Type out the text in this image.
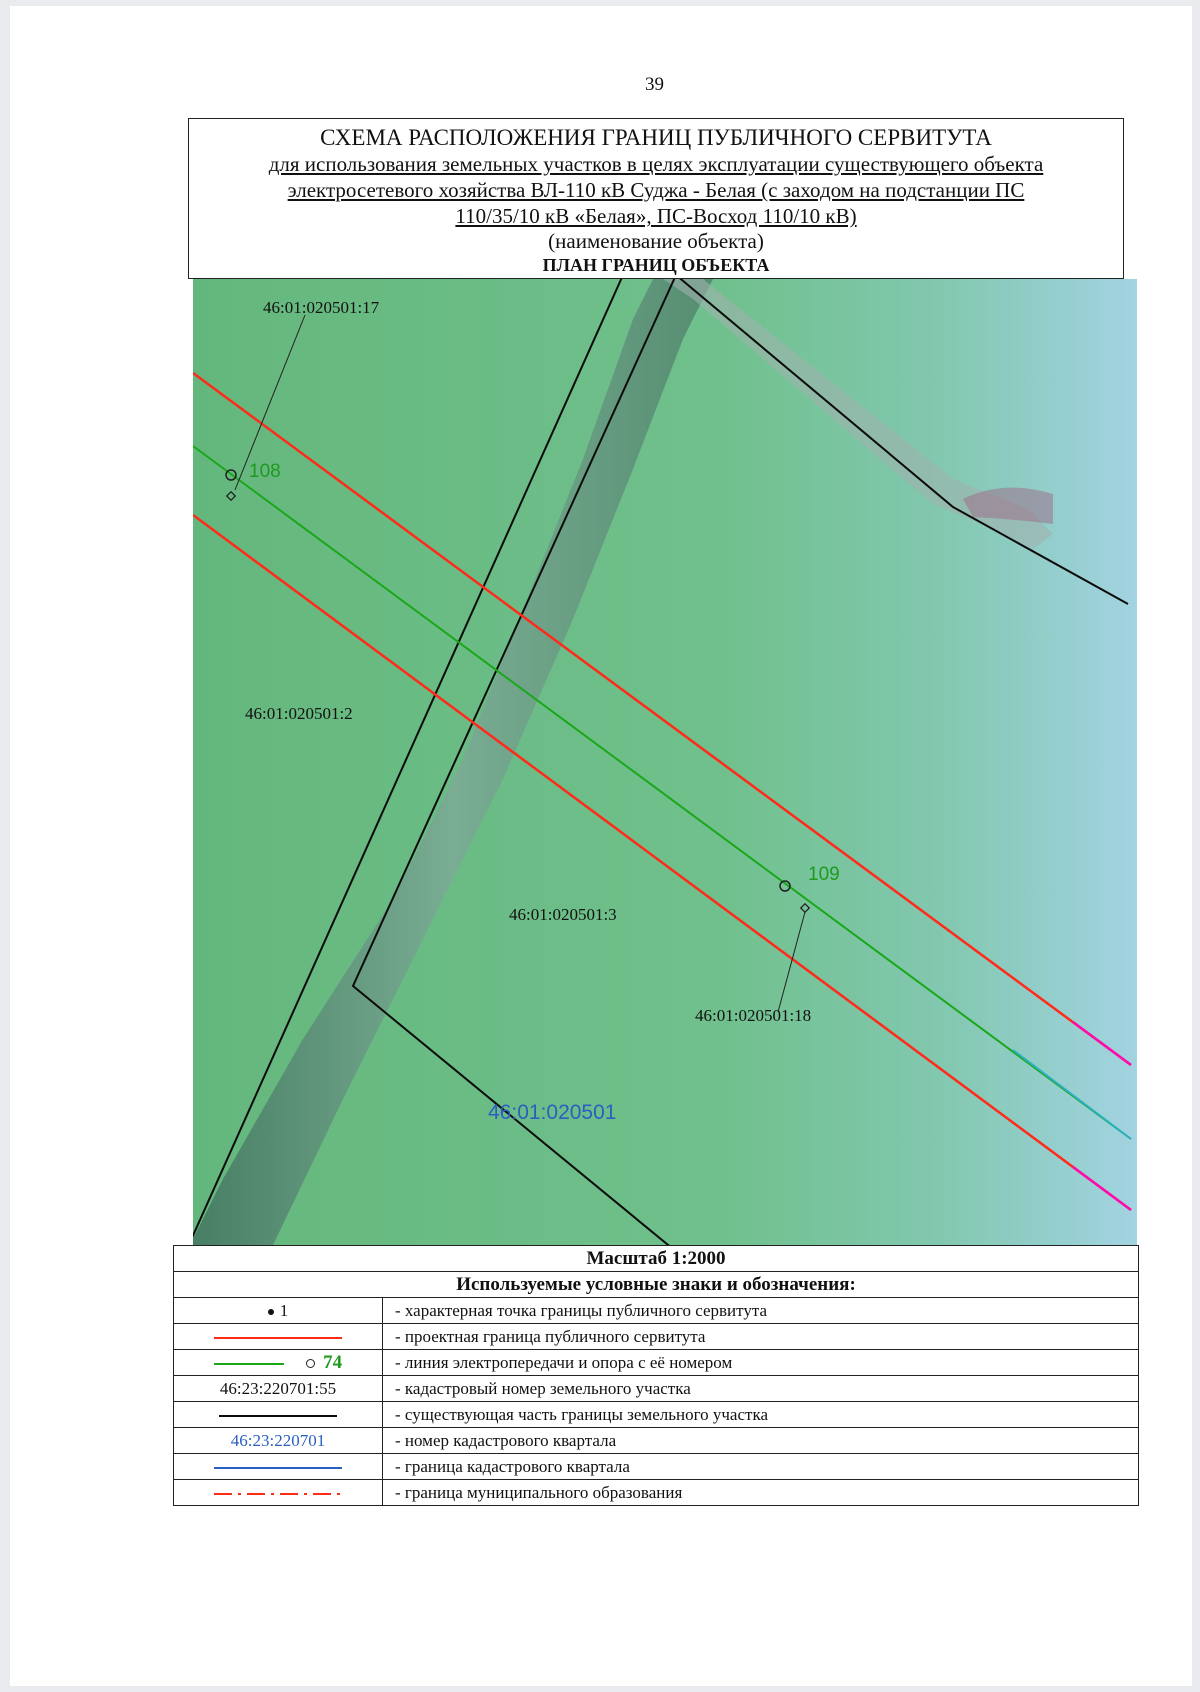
39
СХЕМА РАСПОЛОЖЕНИЯ ГРАНИЦ ПУБЛИЧНОГО СЕРВИТУТА
для использования земельных участков в целях эксплуатации существующего объекта
электросетевого хозяйства ВЛ-110 кВ Суджа - Белая (с заходом на подстанции ПС
110/35/10 кВ «Белая», ПС-Восход 110/10 кВ)
(наименование объекта)
ПЛАН ГРАНИЦ ОБЪЕКТА
108
109
46:01:020501:17
46:01:020501:2
46:01:020501:3
46:01:020501:18
46:01:020501
Масштаб 1:2000	
Используемые условные знаки и обозначения:	
1	- характерная точка границы публичного сервитута
	- проектная граница публичного сервитута
74	- линия электропередачи и опора с её номером
46:23:220701:55	- кадастровый номер земельного участка
	- существующая часть границы земельного участка
46:23:220701	- номер кадастрового квартала
	- граница кадастрового квартала
	- граница муниципального образования
